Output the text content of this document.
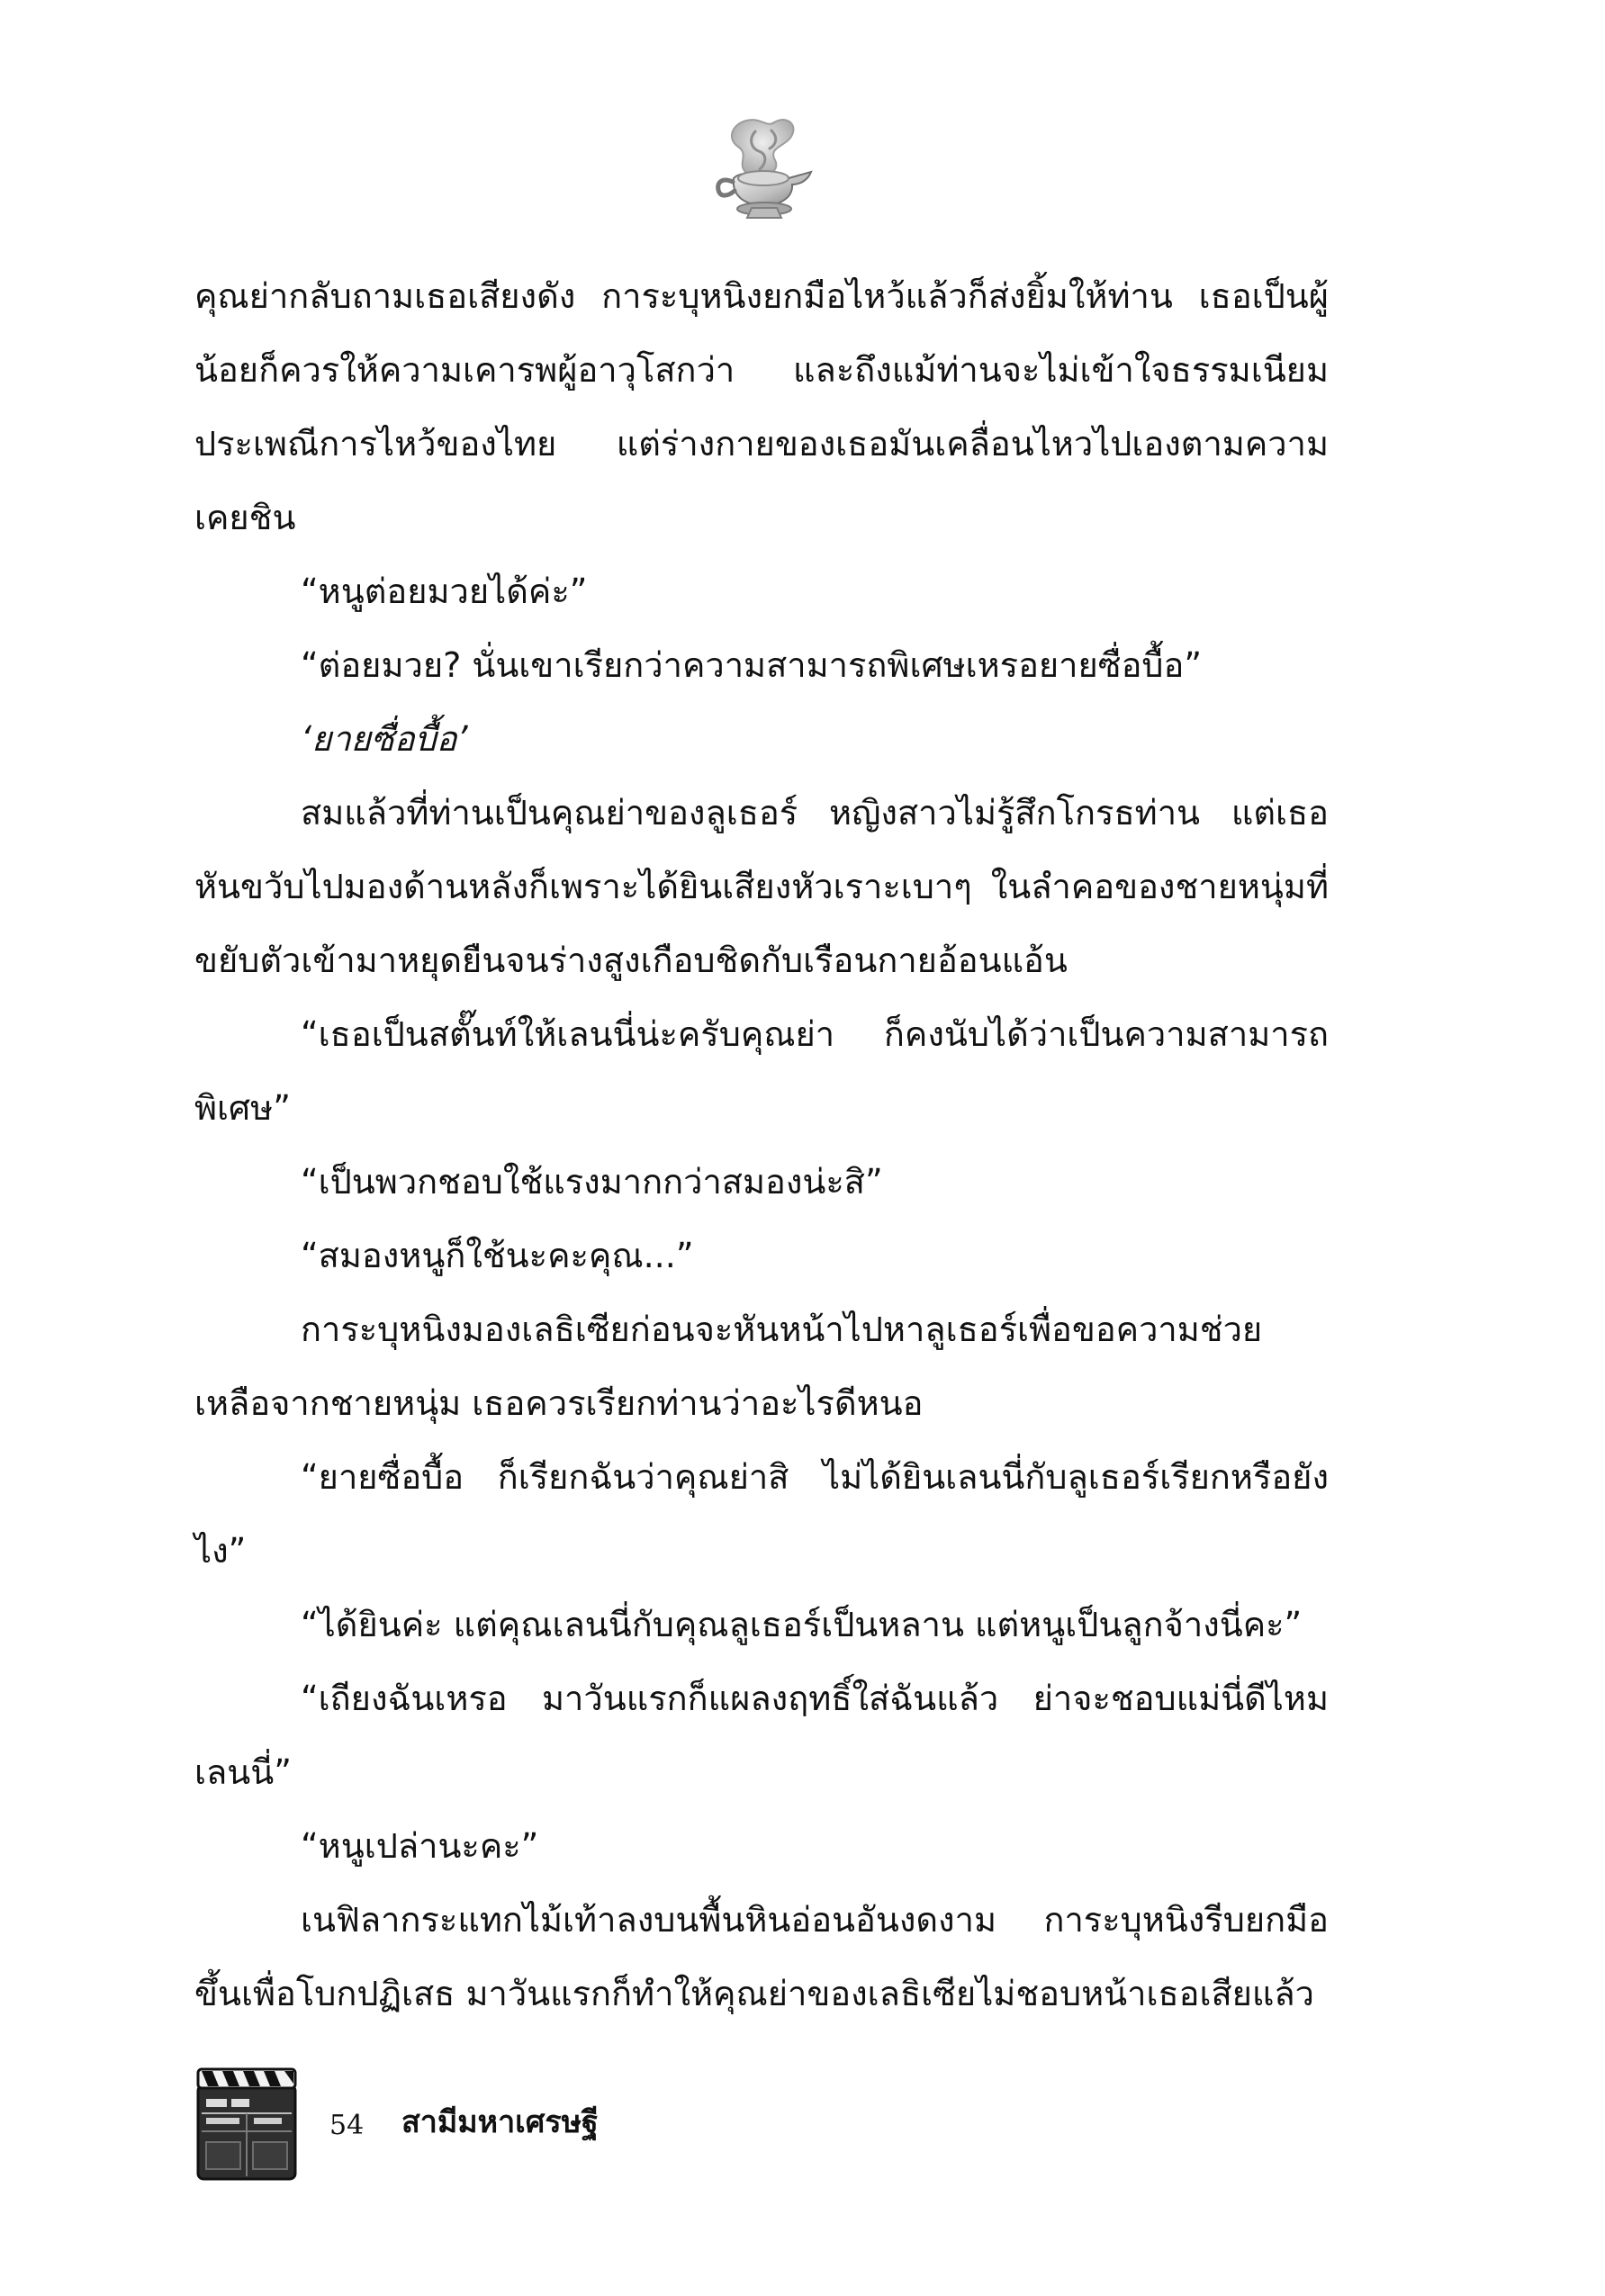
คุณย่ากลับถามเธอเสียงดัง การะบุหนิงยกมือไหว้แล้วก็ส่งยิ้มให้ท่าน เธอเป็นผู้น้อยก็ควรให้ความเคารพผู้อาวุโสกว่า และถึงแม้ท่านจะไม่เข้าใจธรรมเนียมประเพณีการไหว้ของไทย แต่ร่างกายของเธอมันเคลื่อนไหวไปเองตามความเคยชิน

“หนูต่อยมวยได้ค่ะ”

“ต่อยมวย? นั่นเขาเรียกว่าความสามารถพิเศษเหรอยายซื่อบื้อ”

‘ยายซื่อบื้อ’

สมแล้วที่ท่านเป็นคุณย่าของลูเธอร์ หญิงสาวไม่รู้สึกโกรธท่าน แต่เธอหันขวับไปมองด้านหลังก็เพราะได้ยินเสียงหัวเราะเบาๆ ในลำคอของชายหนุ่มที่ขยับตัวเข้ามาหยุดยืนจนร่างสูงเกือบชิดกับเรือนกายอ้อนแอ้น

“เธอเป็นสตั๊นท์ให้เลนนี่น่ะครับคุณย่า ก็คงนับได้ว่าเป็นความสามารถพิเศษ”

“เป็นพวกชอบใช้แรงมากกว่าสมองน่ะสิ”

“สมองหนูก็ใช้นะคะคุณ...”

การะบุหนิงมองเลธิเซียก่อนจะหันหน้าไปหาลูเธอร์เพื่อขอความช่วยเหลือจากชายหนุ่ม เธอควรเรียกท่านว่าอะไรดีหนอ

“ยายซื่อบื้อ ก็เรียกฉันว่าคุณย่าสิ ไม่ได้ยินเลนนี่กับลูเธอร์เรียกหรือยังไง”

“ได้ยินค่ะ แต่คุณเลนนี่กับคุณลูเธอร์เป็นหลาน แต่หนูเป็นลูกจ้างนี่คะ”

“เถียงฉันเหรอ มาวันแรกก็แผลงฤทธิ์ใส่ฉันแล้ว ย่าจะชอบแม่นี่ดีไหมเลนนี่”

“หนูเปล่านะคะ”

เนฟิลากระแทกไม้เท้าลงบนพื้นหินอ่อนอันงดงาม การะบุหนิงรีบยกมือขึ้นเพื่อโบกปฏิเสธ มาวันแรกก็ทำให้คุณย่าของเลธิเซียไม่ชอบหน้าเธอเสียแล้ว

54 สามีมหาเศรษฐี
